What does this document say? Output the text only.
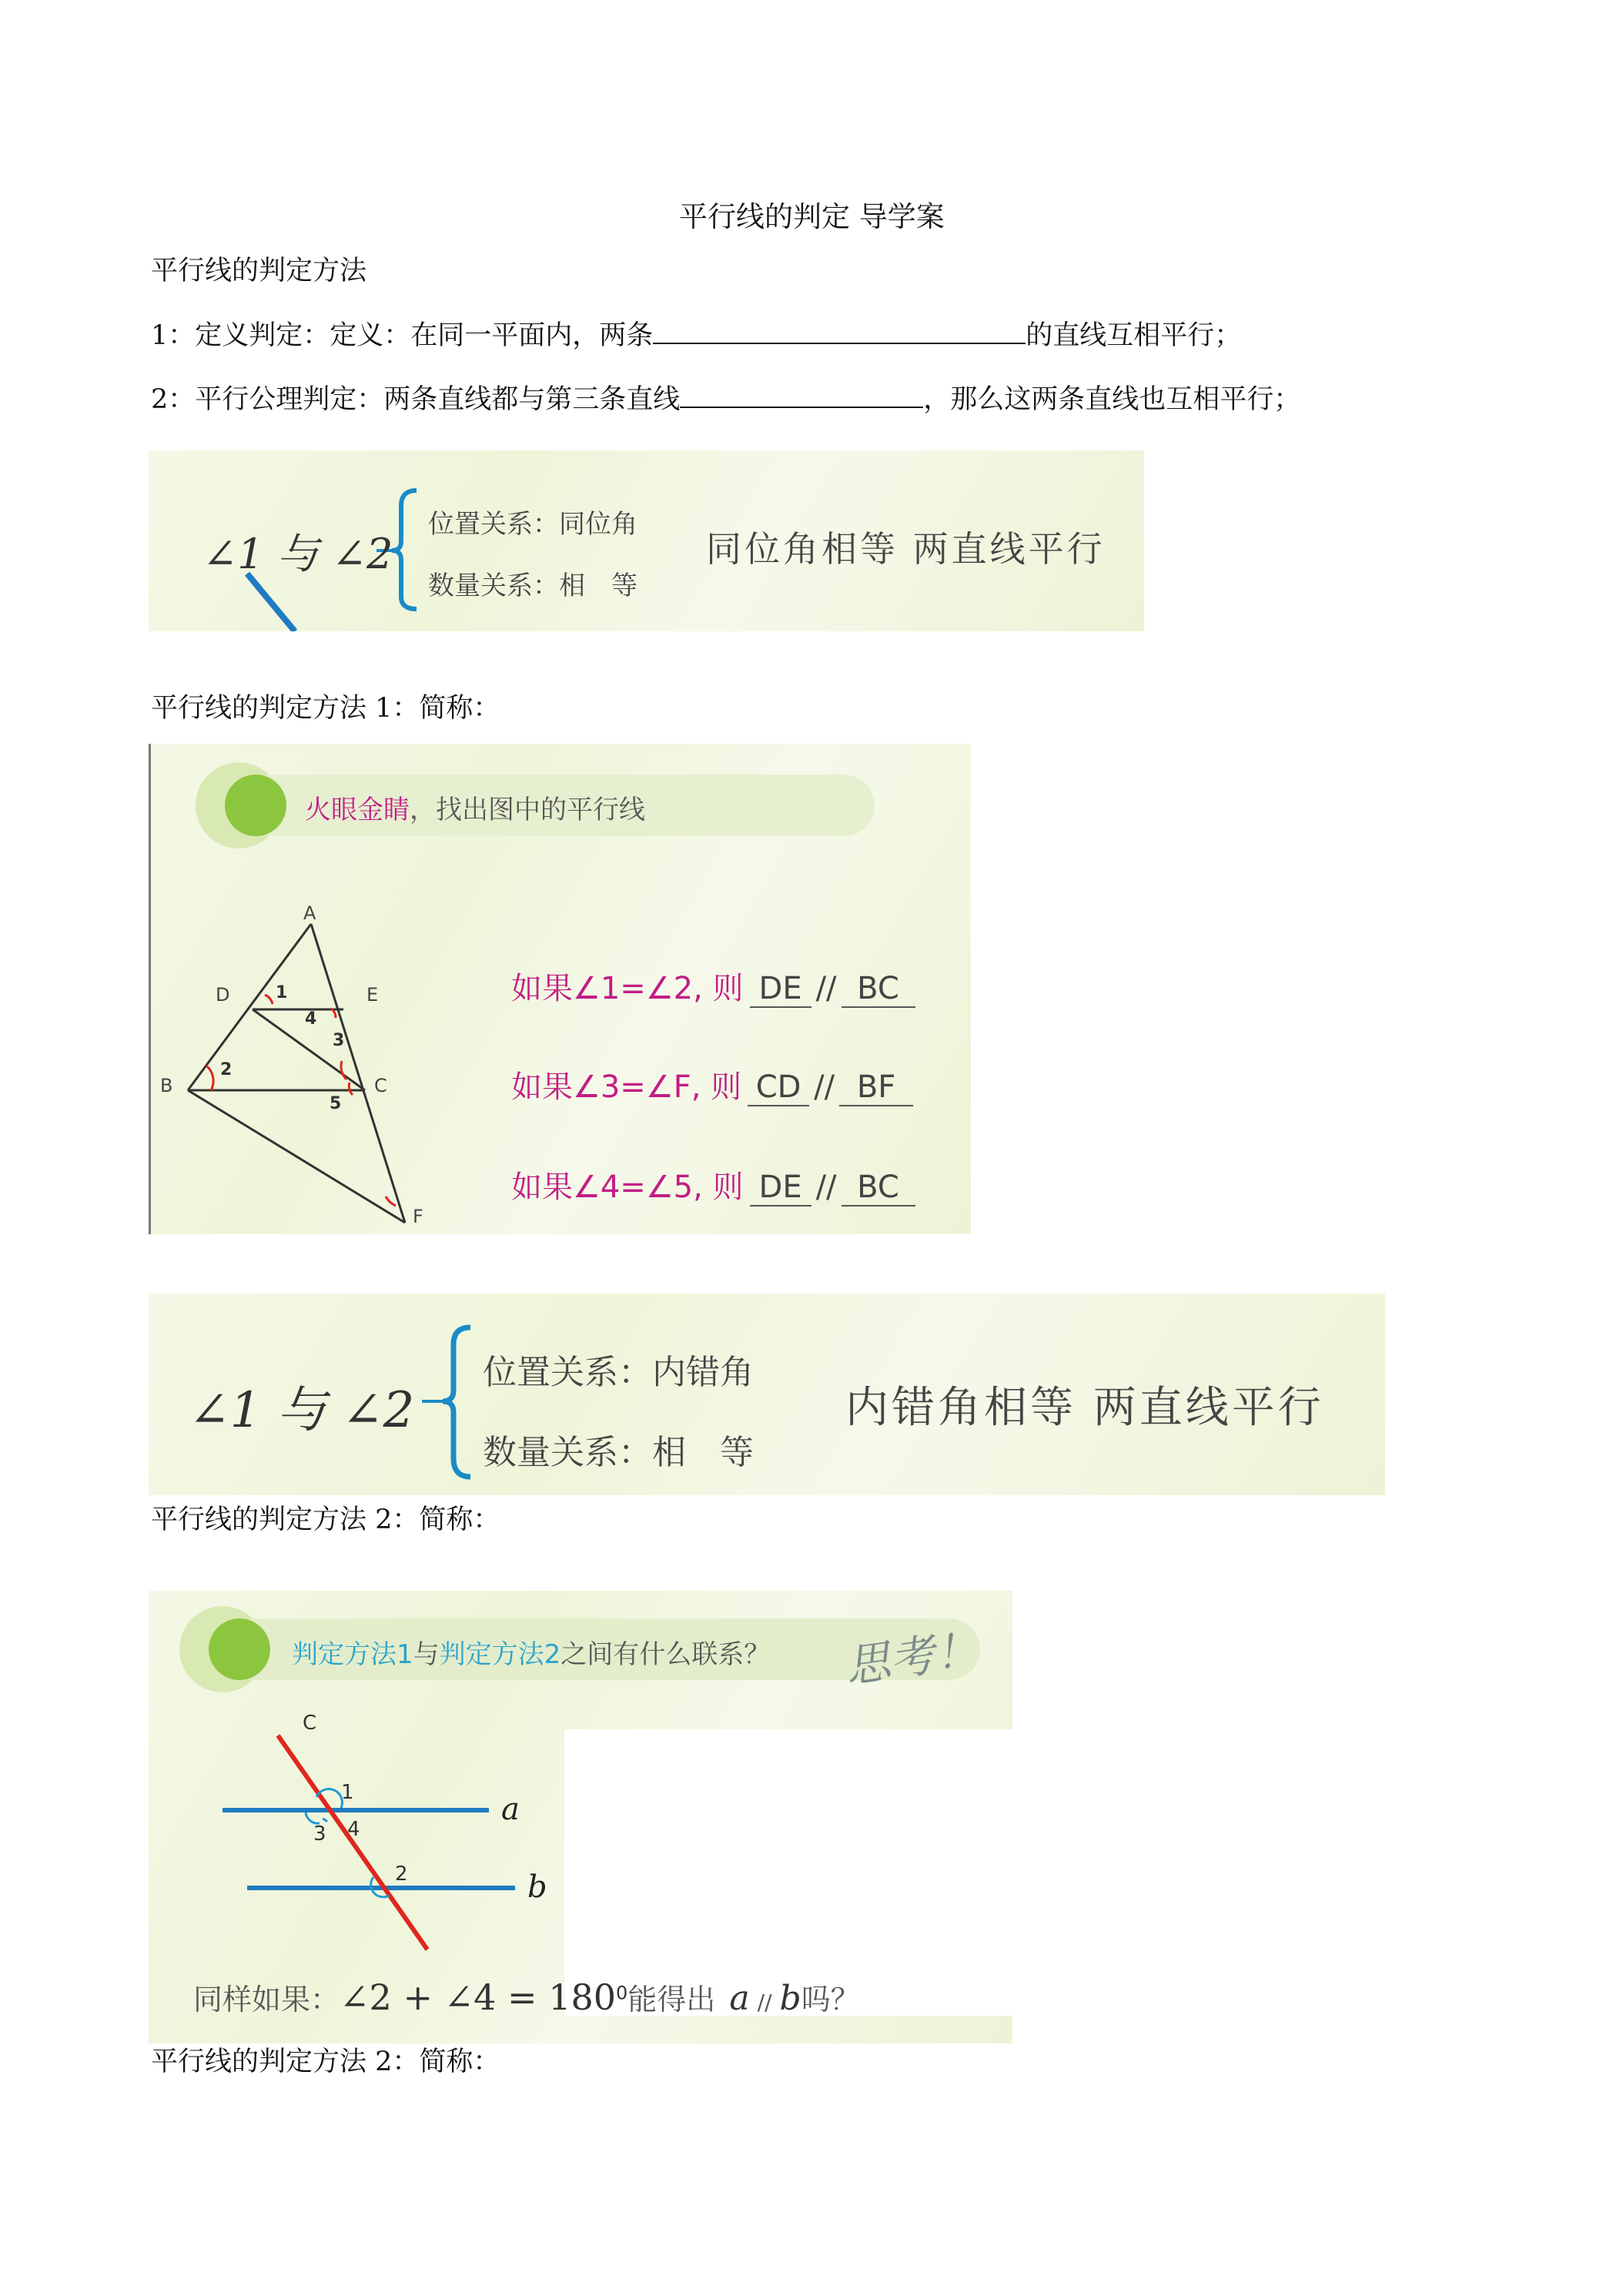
平行线的判定 导学案
平行线的判定方法
1：定义判定：定义：在同一平面内，两条	的直线互相平行；
2：平行公理判定：两条直线都与第三条直线	，那么这两条直线也互相平行；
∠1 与 ∠2
位置关系：同位角
数量关系：相　等
同位角相等 两直线平行
平行线的判定方法 1：简称：
火眼金睛，找出图中的平行线
A
D	E
B	C
F
1
2
3
4
5
如果∠1=∠2, 则 DE // BC
如果∠3=∠F, 则 CD // BF
如果∠4=∠5, 则 DE // BC
∠1 与 ∠2
位置关系：内错角
数量关系：相　等
内错角相等 两直线平行
平行线的判定方法 2：简称：
判定方法1与判定方法2之间有什么联系？ 思考！
C
1
3 4
2
a
b
同样如果：∠2 + ∠4 = $180^0$能得出 a // b吗？
平行线的判定方法 2：简称：
